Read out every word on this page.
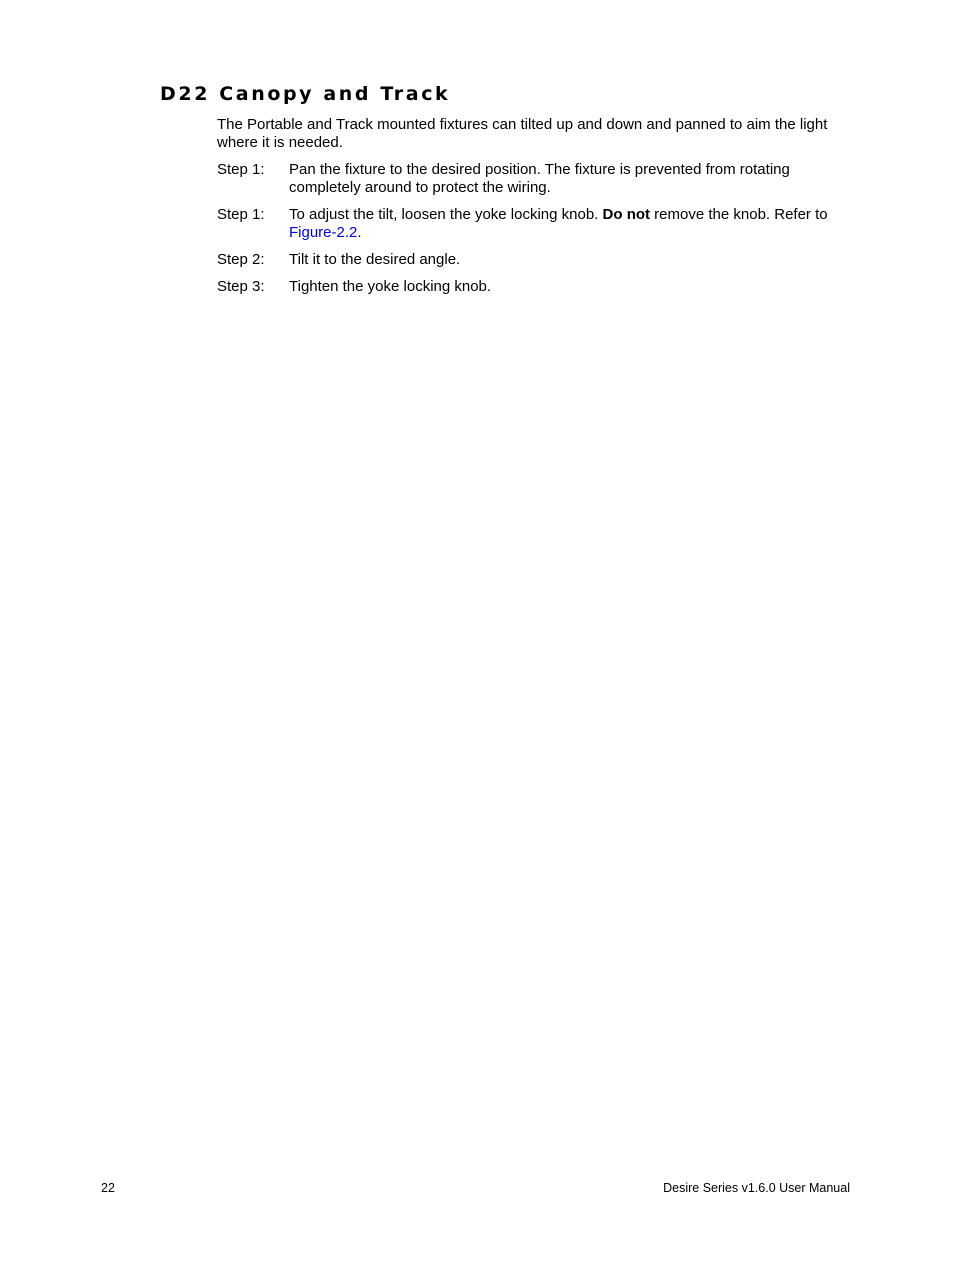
D22 Canopy and Track

The Portable and Track mounted fixtures can tilted up and down and panned to aim the light where it is needed.

Step 1:	Pan the fixture to the desired position. The fixture is prevented from rotating completely around to protect the wiring.
Step 1:	To adjust the tilt, loosen the yoke locking knob. Do not remove the knob. Refer to Figure-2.2.
Step 2:	Tilt it to the desired angle.
Step 3:	Tighten the yoke locking knob.
22	Desire Series v1.6.0 User Manual
